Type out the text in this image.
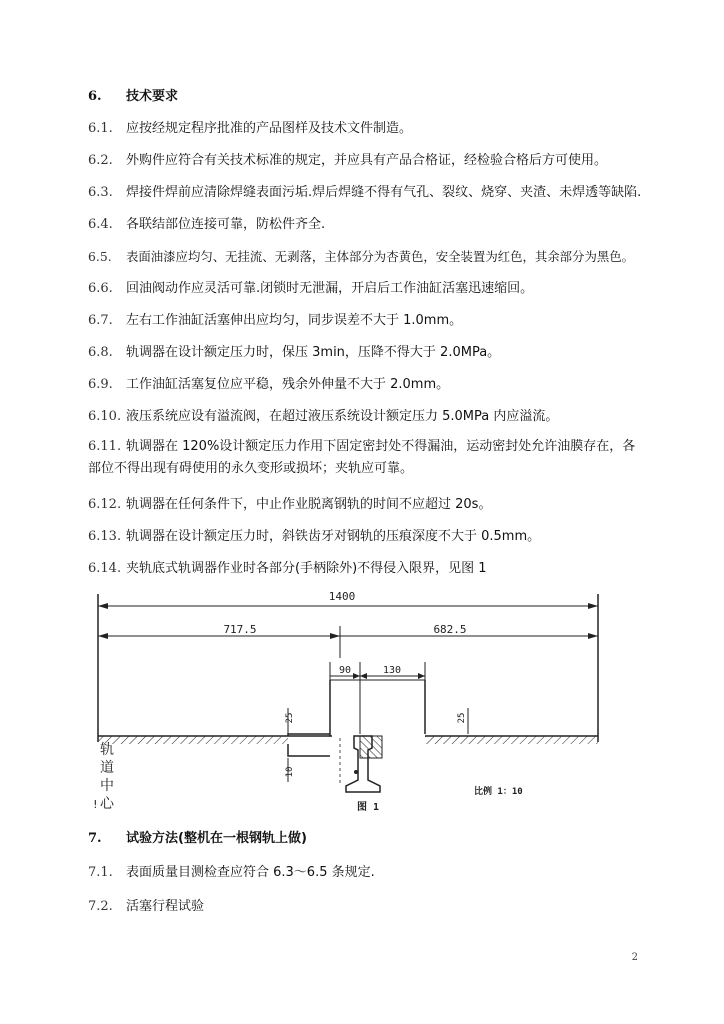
6. 技术要求
6.1. 应按经规定程序批准的产品图样及技术文件制造。
6.2. 外购件应符合有关技术标准的规定，并应具有产品合格证，经检验合格后方可使用。
6.3. 焊接件焊前应清除焊缝表面污垢.焊后焊缝不得有气孔、裂纹、烧穿、夹渣、未焊透等缺陷.
6.4. 各联结部位连接可靠，防松件齐全.
6.5. 表面油漆应均匀、无挂流、无剥落，主体部分为杏黄色，安全装置为红色，其余部分为黑色。
6.6. 回油阀动作应灵活可靠.闭锁时无泄漏，开启后工作油缸活塞迅速缩回。
6.7. 左右工作油缸活塞伸出应均匀，同步误差不大于 1.0mm。
6.8. 轨调器在设计额定压力时，保压 3min，压降不得大于 2.0MPa。
6.9. 工作油缸活塞复位应平稳，残余外伸量不大于 2.0mm。
6.10. 液压系统应设有溢流阀，在超过液压系统设计额定压力 5.0MPa 内应溢流。
6.11. 轨调器在 120%设计额定压力作用下固定密封处不得漏油，运动密封处允许油膜存在，各部位不得出现有碍使用的永久变形或损坏；夹轨应可靠。
6.12. 轨调器在任何条件下，中止作业脱离钢轨的时间不应超过 20s。
6.13. 轨调器在设计额定压力时，斜铁齿牙对钢轨的压痕深度不大于 0.5mm。
6.14. 夹轨底式轨调器作业时各部分(手柄除外)不得侵入限界，见图 1
1400
717.5	682.5
90	130
25	25
10
轨
道
中
心
!	图 1
比例 1：10
7. 试验方法(整机在一根钢轨上做)
7.1. 表面质量目测检查应符合 6.3～6.5 条规定.
7.2. 活塞行程试验
2
